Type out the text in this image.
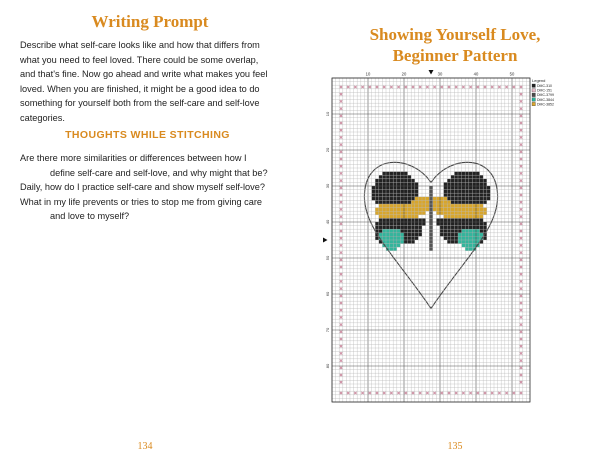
Writing Prompt
Describe what self-care looks like and how that differs from what you need to feel loved. There could be some overlap, and that's fine. Now go ahead and write what makes you feel loved. When you are finished, it might be a good idea to do something for yourself both from the self-care and self-love categories.
THOUGHTS WHILE STITCHING
Are there more similarities or differences between how I
define self-care and self-love, and why might that be?
Daily, how do I practice self-care and show myself self-love?
What in my life prevents or tries to stop me from giving care
and love to myself?
134
Showing Yourself Love,
Beginner Pattern
10	20	30	40	50
10
20
30
40
50
60
70
80
Legend
DMC-310
DMC-151
DMC-3799
DMC-3844
DMC-3852
135
